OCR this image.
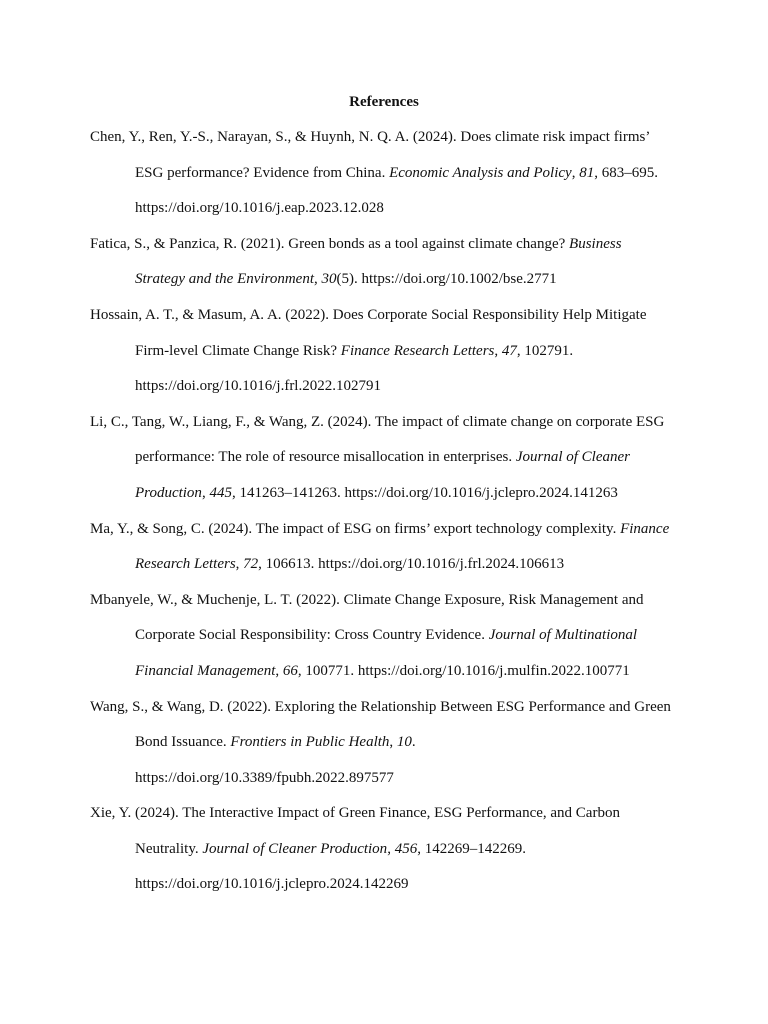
References
Chen, Y., Ren, Y.-S., Narayan, S., & Huynh, N. Q. A. (2024). Does climate risk impact firms’
ESG performance? Evidence from China. Economic Analysis and Policy, 81, 683–695.
https://doi.org/10.1016/j.eap.2023.12.028
Fatica, S., & Panzica, R. (2021). Green bonds as a tool against climate change? Business
Strategy and the Environment, 30(5). https://doi.org/10.1002/bse.2771
Hossain, A. T., & Masum, A. A. (2022). Does Corporate Social Responsibility Help Mitigate
Firm-level Climate Change Risk? Finance Research Letters, 47, 102791.
https://doi.org/10.1016/j.frl.2022.102791
Li, C., Tang, W., Liang, F., & Wang, Z. (2024). The impact of climate change on corporate ESG
performance: The role of resource misallocation in enterprises. Journal of Cleaner
Production, 445, 141263–141263. https://doi.org/10.1016/j.jclepro.2024.141263
Ma, Y., & Song, C. (2024). The impact of ESG on firms’ export technology complexity. Finance
Research Letters, 72, 106613. https://doi.org/10.1016/j.frl.2024.106613
Mbanyele, W., & Muchenje, L. T. (2022). Climate Change Exposure, Risk Management and
Corporate Social Responsibility: Cross Country Evidence. Journal of Multinational
Financial Management, 66, 100771. https://doi.org/10.1016/j.mulfin.2022.100771
Wang, S., & Wang, D. (2022). Exploring the Relationship Between ESG Performance and Green
Bond Issuance. Frontiers in Public Health, 10.
https://doi.org/10.3389/fpubh.2022.897577
Xie, Y. (2024). The Interactive Impact of Green Finance, ESG Performance, and Carbon
Neutrality. Journal of Cleaner Production, 456, 142269–142269.
https://doi.org/10.1016/j.jclepro.2024.142269
